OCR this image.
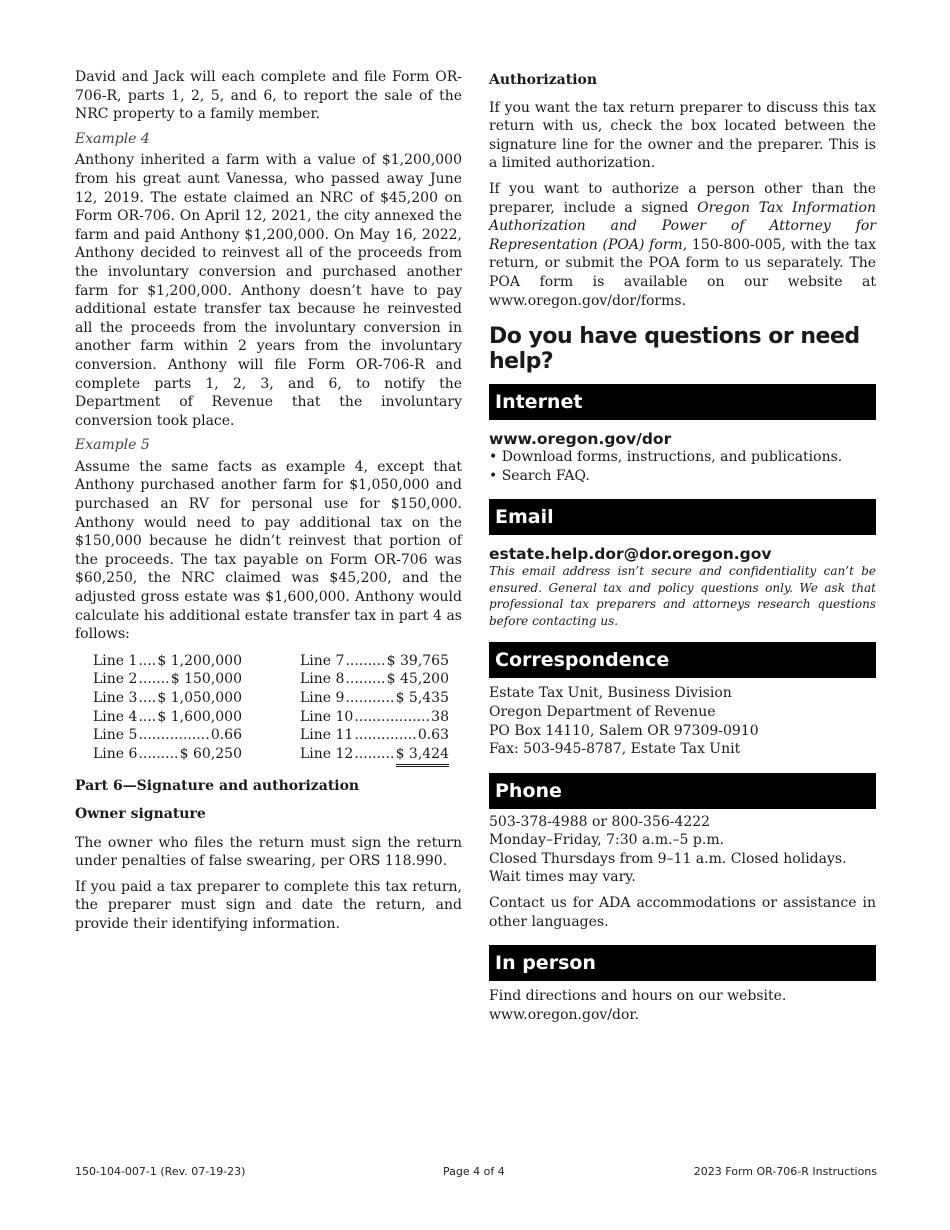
David and Jack will each complete and file Form OR-706-R, parts 1, 2, 5, and 6, to report the sale of the NRC property to a family member.

Example 4

Anthony inherited a farm with a value of $1,200,000 from his great aunt Vanessa, who passed away June 12, 2019. The estate claimed an NRC of $45,200 on Form OR-706. On April 12, 2021, the city annexed the farm and paid Anthony $1,200,000. On May 16, 2022, Anthony decided to reinvest all of the proceeds from the involuntary conversion and purchased another farm for $1,200,000. Anthony doesn’t have to pay additional estate transfer tax because he reinvested all the proceeds from the involuntary conversion in another farm within 2 years from the involuntary conversion. Anthony will file Form OR-706-R and complete parts 1, 2, 3, and 6, to notify the Department of Revenue that the involuntary conversion took place.

Example 5

Assume the same facts as example 4, except that Anthony purchased another farm for $1,050,000 and purchased an RV for personal use for $150,000. Anthony would need to pay additional tax on the $150,000 because he didn’t reinvest that portion of the proceeds. The tax payable on Form OR-706 was $60,250, the NRC claimed was $45,200, and the adjusted gross estate was $1,600,000. Anthony would calculate his additional estate transfer tax in part 4 as follows:

Line 1 ..... $ 1,200,000
Line 2 ..... $ 150,000
Line 3 ..... $ 1,050,000
Line 4 ..... $ 1,600,000
Line 5 .....	0.66
Line 6 .....	$ 60,250
Line 7 .....	$ 39,765
Line 8 .....	$ 45,200
Line 9 .....	$ 5,435
Line 10 .....	38
Line 11 .....	0.63
Line 12 .....	$ 3,424

Part 6—Signature and authorization

Owner signature

The owner who files the return must sign the return under penalties of false swearing, per ORS 118.990.

If you paid a tax preparer to complete this tax return, the preparer must sign and date the return, and provide their identifying information.

Authorization

If you want the tax return preparer to discuss this tax return with us, check the box located between the signature line for the owner and the preparer. This is a limited authorization.

If you want to authorize a person other than the preparer, include a signed Oregon Tax Information Authorization and Power of Attorney for Representation (POA) form, 150-800-005, with the tax return, or submit the POA form to us separately. The POA form is available on our website at www.oregon.gov/dor/forms.

Do you have questions or need help?
Internet
www.oregon.gov/dor

• Download forms, instructions, and publications.

• Search FAQ.

Email
estate.help.dor@dor.oregon.gov

This email address isn’t secure and confidentiality can’t be ensured. General tax and policy questions only. We ask that professional tax preparers and attorneys research questions before contacting us.

Correspondence

Estate Tax Unit, Business Division

Oregon Department of Revenue

PO Box 14110, Salem OR 97309-0910

Fax: 503-945-8787, Estate Tax Unit

Phone

503-378-4988 or 800-356-4222

Monday–Friday, 7:30 a.m.–5 p.m.

Closed Thursdays from 9–11 a.m. Closed holidays.

Wait times may vary.

Contact us for ADA accommodations or assistance in other languages.

In person

Find directions and hours on our website.

www.oregon.gov/dor.

150-104-007-1 (Rev. 07-19-23)	Page 4 of 4	2023 Form OR-706-R Instructions
